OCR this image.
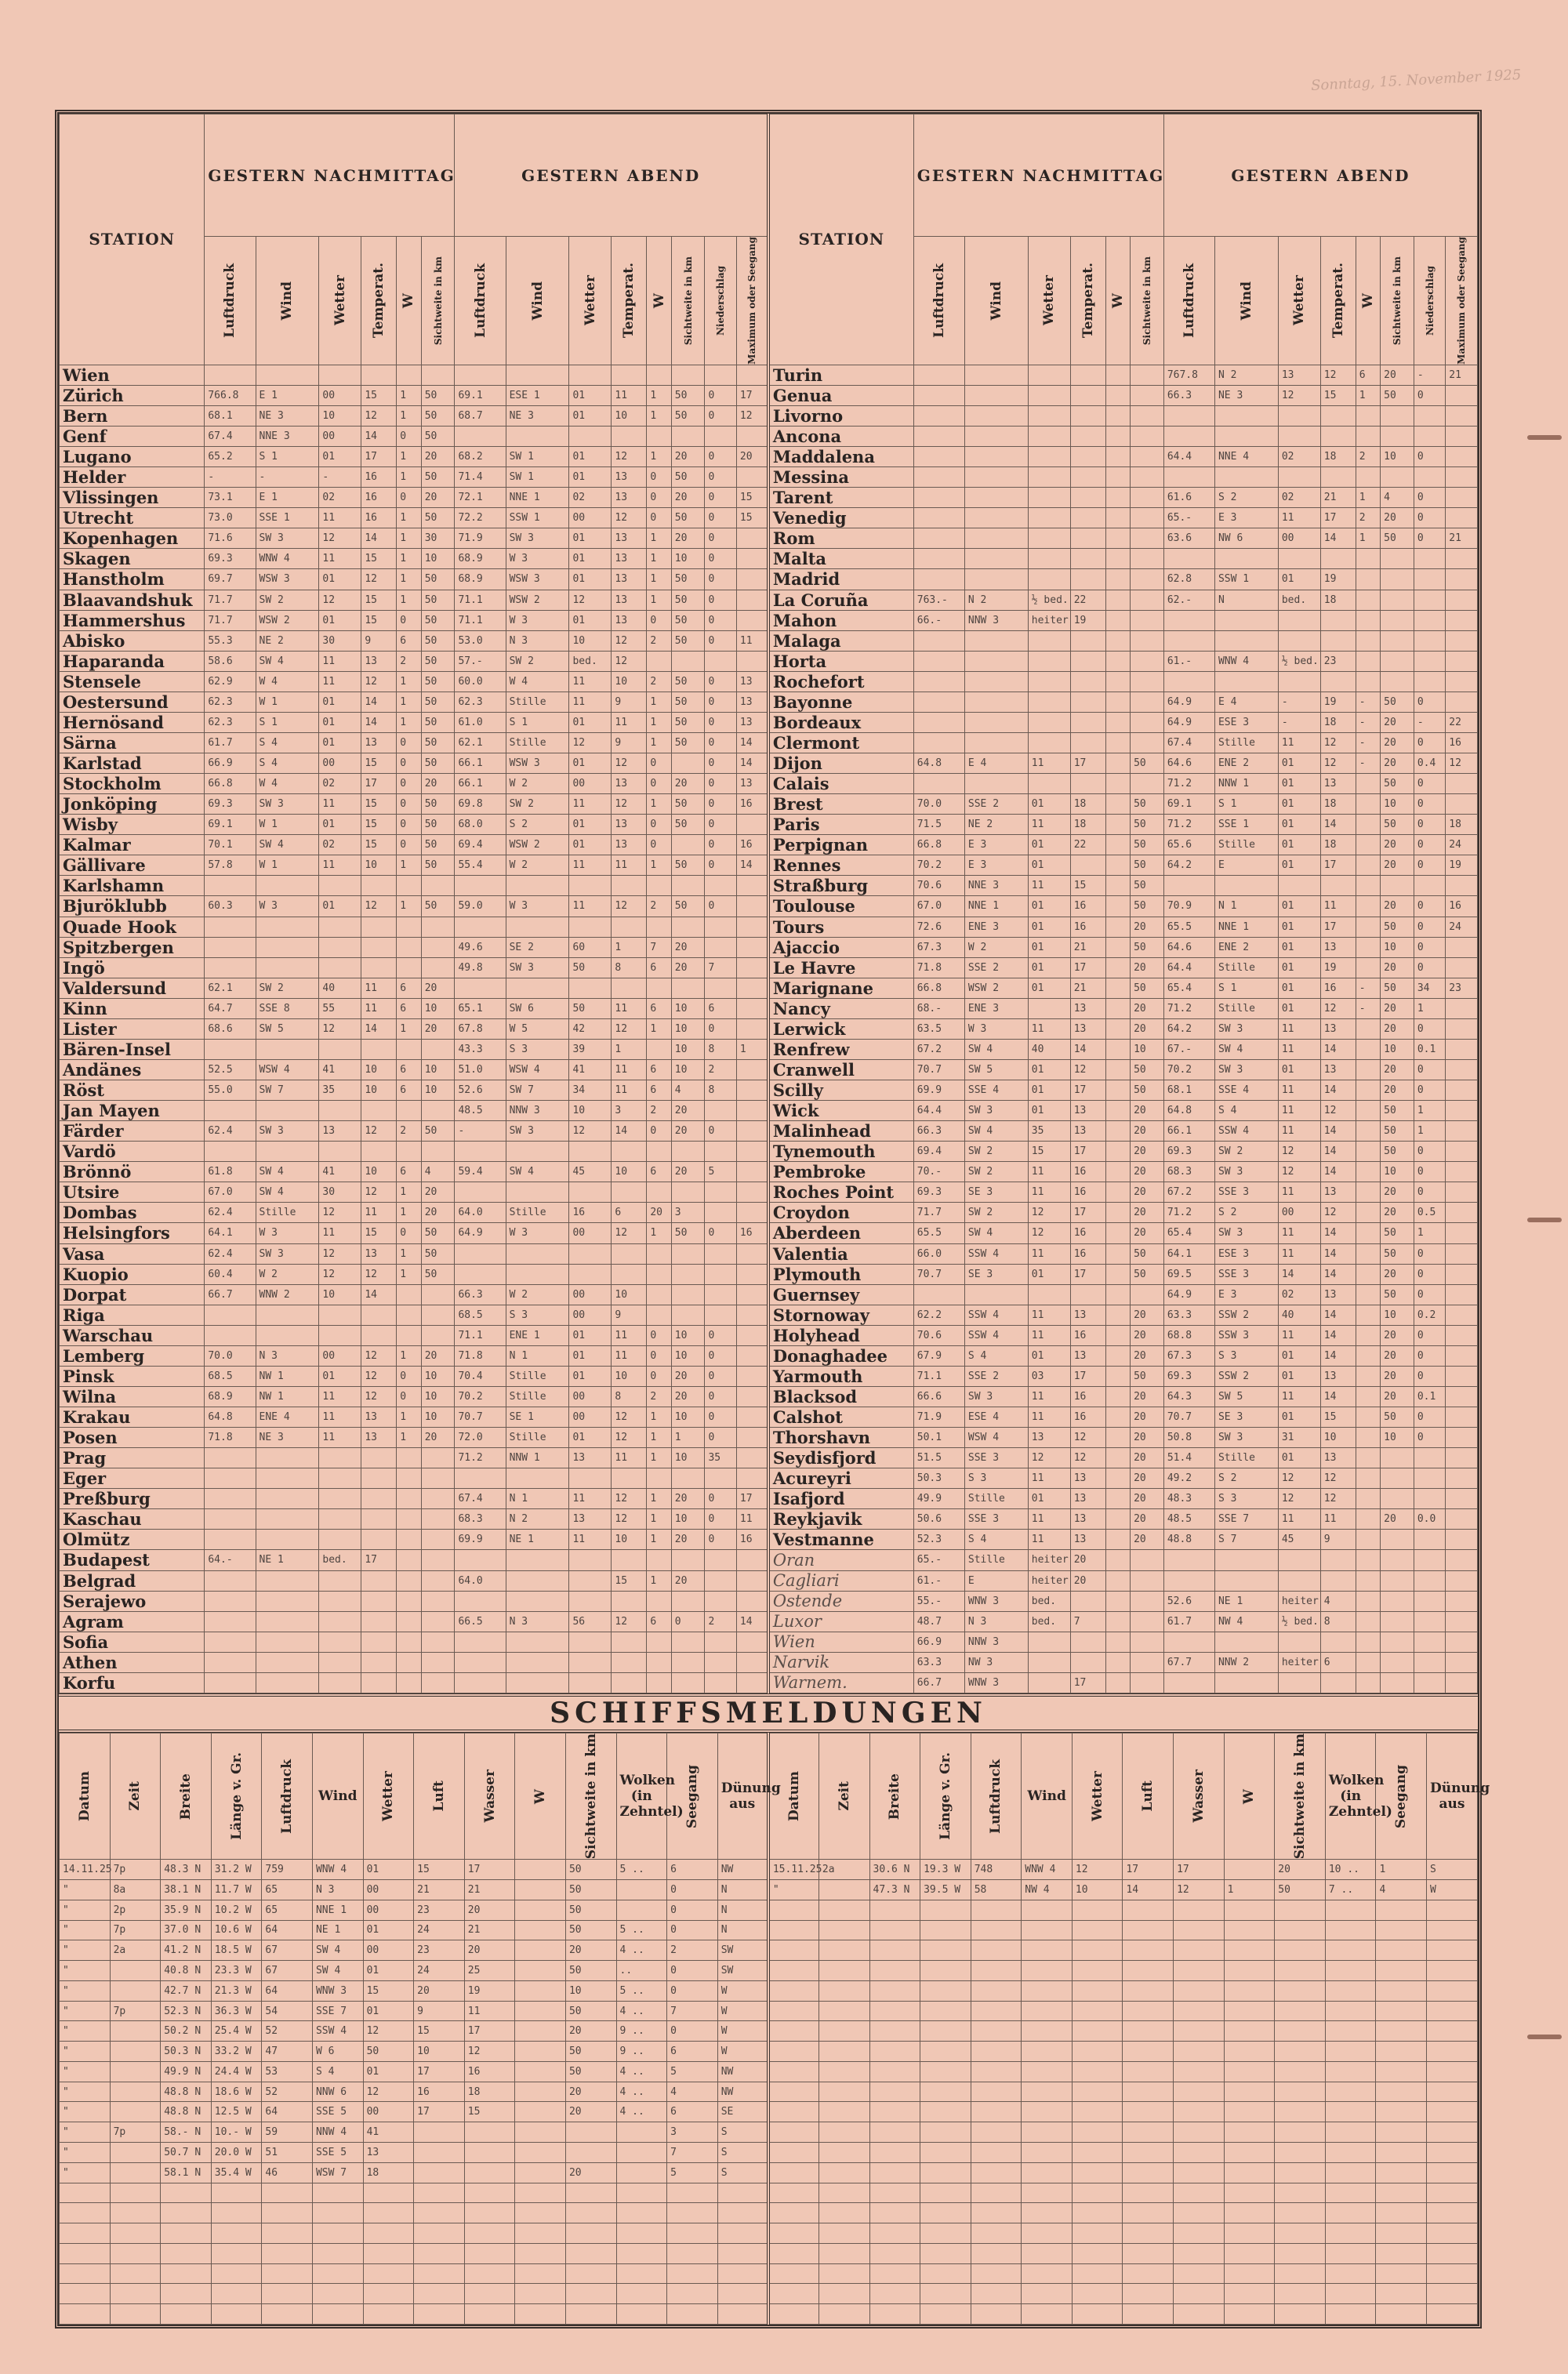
Sonntag, 15. November 1925
STATION	GESTERN NACHMITTAG						GESTERN ABEND								STATION	GESTERN NACHMITTAG						GESTERN ABEND							

	Luftdruck	Wind	Wetter	Temperat.	W	Sichtweite in km	Luftdruck	Wind	Wetter	Temperat.	W	Sichtweite in km	Niederschlag	Maximum oder Seegang		Luftdruck	Wind	Wetter	Temperat.	W	Sichtweite in km	Luftdruck	Wind	Wetter	Temperat.	W	Sichtweite in km	Niederschlag	Maximum oder Seegang

Wien															Turin							767.8	N 2	13	12	6	20	-	21
Zürich	766.8	E 1	00	15	1	50	69.1	ESE 1	01	11	1	50	0	17	Genua							66.3	NE 3	12	15	1	50	0	
Bern	68.1	NE 3	10	12	1	50	68.7	NE 3	01	10	1	50	0	12	Livorno														
Genf	67.4	NNE 3	00	14	0	50									Ancona														
Lugano	65.2	S 1	01	17	1	20	68.2	SW 1	01	12	1	20	0	20	Maddalena							64.4	NNE 4	02	18	2	10	0	
Helder	-	-	-	16	1	50	71.4	SW 1	01	13	0	50	0		Messina														
Vlissingen	73.1	E 1	02	16	0	20	72.1	NNE 1	02	13	0	20	0	15	Tarent							61.6	S 2	02	21	1	4	0	
Utrecht	73.0	SSE 1	11	16	1	50	72.2	SSW 1	00	12	0	50	0	15	Venedig							65.-	E 3	11	17	2	20	0	
Kopenhagen	71.6	SW 3	12	14	1	30	71.9	SW 3	01	13	1	20	0		Rom							63.6	NW 6	00	14	1	50	0	21
Skagen	69.3	WNW 4	11	15	1	10	68.9	W 3	01	13	1	10	0		Malta														
Hanstholm	69.7	WSW 3	01	12	1	50	68.9	WSW 3	01	13	1	50	0		Madrid							62.8	SSW 1	01	19				
Blaavandshuk	71.7	SW 2	12	15	1	50	71.1	WSW 2	12	13	1	50	0		La Coruña	763.-	N 2	½ bed.	22			62.-	N	bed.	18				
Hammershus	71.7	WSW 2	01	15	0	50	71.1	W 3	01	13	0	50	0		Mahon	66.-	NNW 3	heiter	19										
Abisko	55.3	NE 2	30	9	6	50	53.0	N 3	10	12	2	50	0	11	Malaga														
Haparanda	58.6	SW 4	11	13	2	50	57.-	SW 2	bed.	12					Horta							61.-	WNW 4	½ bed.	23				
Stensele	62.9	W 4	11	12	1	50	60.0	W 4	11	10	2	50	0	13	Rochefort														
Oestersund	62.3	W 1	01	14	1	50	62.3	Stille	11	9	1	50	0	13	Bayonne							64.9	E 4	-	19	-	50	0	
Hernösand	62.3	S 1	01	14	1	50	61.0	S 1	01	11	1	50	0	13	Bordeaux							64.9	ESE 3	-	18	-	20	-	22
Särna	61.7	S 4	01	13	0	50	62.1	Stille	12	9	1	50	0	14	Clermont							67.4	Stille	11	12	-	20	0	16
Karlstad	66.9	S 4	00	15	0	50	66.1	WSW 3	01	12	0		0	14	Dijon	64.8	E 4	11	17		50	64.6	ENE 2	01	12	-	20	0.4	12
Stockholm	66.8	W 4	02	17	0	20	66.1	W 2	00	13	0	20	0	13	Calais							71.2	NNW 1	01	13		50	0	
Jonköping	69.3	SW 3	11	15	0	50	69.8	SW 2	11	12	1	50	0	16	Brest	70.0	SSE 2	01	18		50	69.1	S 1	01	18		10	0	
Wisby	69.1	W 1	01	15	0	50	68.0	S 2	01	13	0	50	0		Paris	71.5	NE 2	11	18		50	71.2	SSE 1	01	14		50	0	18
Kalmar	70.1	SW 4	02	15	0	50	69.4	WSW 2	01	13	0		0	16	Perpignan	66.8	E 3	01	22		50	65.6	Stille	01	18		20	0	24
Gällivare	57.8	W 1	11	10	1	50	55.4	W 2	11	11	1	50	0	14	Rennes	70.2	E 3	01			50	64.2	E	01	17		20	0	19
Karlshamn															Straßburg	70.6	NNE 3	11	15		50								
Bjuröklubb	60.3	W 3	01	12	1	50	59.0	W 3	11	12	2	50	0		Toulouse	67.0	NNE 1	01	16		50	70.9	N 1	01	11		20	0	16
Quade Hook															Tours	72.6	ENE 3	01	16		20	65.5	NNE 1	01	17		50	0	24
Spitzbergen							49.6	SE 2	60	1	7	20			Ajaccio	67.3	W 2	01	21		50	64.6	ENE 2	01	13		10	0	
Ingö							49.8	SW 3	50	8	6	20	7		Le Havre	71.8	SSE 2	01	17		20	64.4	Stille	01	19		20	0	
Valdersund	62.1	SW 2	40	11	6	20									Marignane	66.8	WSW 2	01	21		50	65.4	S 1	01	16	-	50	34	23
Kinn	64.7	SSE 8	55	11	6	10	65.1	SW 6	50	11	6	10	6		Nancy	68.-	ENE 3		13		20	71.2	Stille	01	12	-	20	1	
Lister	68.6	SW 5	12	14	1	20	67.8	W 5	42	12	1	10	0		Lerwick	63.5	W 3	11	13		20	64.2	SW 3	11	13		20	0	
Bären-Insel							43.3	S 3	39	1		10	8	1	Renfrew	67.2	SW 4	40	14		10	67.-	SW 4	11	14		10	0.1	
Andänes	52.5	WSW 4	41	10	6	10	51.0	WSW 4	41	11	6	10	2		Cranwell	70.7	SW 5	01	12		50	70.2	SW 3	01	13		20	0	
Röst	55.0	SW 7	35	10	6	10	52.6	SW 7	34	11	6	4	8		Scilly	69.9	SSE 4	01	17		50	68.1	SSE 4	11	14		20	0	
Jan Mayen							48.5	NNW 3	10	3	2	20			Wick	64.4	SW 3	01	13		20	64.8	S 4	11	12		50	1	
Färder	62.4	SW 3	13	12	2	50	-	SW 3	12	14	0	20	0		Malinhead	66.3	SW 4	35	13		20	66.1	SSW 4	11	14		50	1	
Vardö															Tynemouth	69.4	SW 2	15	17		20	69.3	SW 2	12	14		50	0	
Brönnö	61.8	SW 4	41	10	6	4	59.4	SW 4	45	10	6	20	5		Pembroke	70.-	SW 2	11	16		20	68.3	SW 3	12	14		10	0	
Utsire	67.0	SW 4	30	12	1	20									Roches Point	69.3	SE 3	11	16		20	67.2	SSE 3	11	13		20	0	
Dombas	62.4	Stille	12	11	1	20	64.0	Stille	16	6	20	3			Croydon	71.7	SW 2	12	17		20	71.2	S 2	00	12		20	0.5	
Helsingfors	64.1	W 3	11	15	0	50	64.9	W 3	00	12	1	50	0	16	Aberdeen	65.5	SW 4	12	16		20	65.4	SW 3	11	14		50	1	
Vasa	62.4	SW 3	12	13	1	50									Valentia	66.0	SSW 4	11	16		50	64.1	ESE 3	11	14		50	0	
Kuopio	60.4	W 2	12	12	1	50									Plymouth	70.7	SE 3	01	17		50	69.5	SSE 3	14	14		20	0	
Dorpat	66.7	WNW 2	10	14			66.3	W 2	00	10					Guernsey							64.9	E 3	02	13		50	0	
Riga							68.5	S 3	00	9					Stornoway	62.2	SSW 4	11	13		20	63.3	SSW 2	40	14		10	0.2	
Warschau							71.1	ENE 1	01	11	0	10	0		Holyhead	70.6	SSW 4	11	16		20	68.8	SSW 3	11	14		20	0	
Lemberg	70.0	N 3	00	12	1	20	71.8	N 1	01	11	0	10	0		Donaghadee	67.9	S 4	01	13		20	67.3	S 3	01	14		20	0	
Pinsk	68.5	NW 1	01	12	0	10	70.4	Stille	01	10	0	20	0		Yarmouth	71.1	SSE 2	03	17		50	69.3	SSW 2	01	13		20	0	
Wilna	68.9	NW 1	11	12	0	10	70.2	Stille	00	8	2	20	0		Blacksod	66.6	SW 3	11	16		20	64.3	SW 5	11	14		20	0.1	
Krakau	64.8	ENE 4	11	13	1	10	70.7	SE 1	00	12	1	10	0		Calshot	71.9	ESE 4	11	16		20	70.7	SE 3	01	15		50	0	
Posen	71.8	NE 3	11	13	1	20	72.0	Stille	01	12	1	1	0		Thorshavn	50.1	WSW 4	13	12		20	50.8	SW 3	31	10		10	0	
Prag							71.2	NNW 1	13	11	1	10	35		Seydisfjord	51.5	SSE 3	12	12		20	51.4	Stille	01	13				
Eger															Acureyri	50.3	S 3	11	13		20	49.2	S 2	12	12				
Preßburg							67.4	N 1	11	12	1	20	0	17	Isafjord	49.9	Stille	01	13		20	48.3	S 3	12	12				
Kaschau							68.3	N 2	13	12	1	10	0	11	Reykjavik	50.6	SSE 3	11	13		20	48.5	SSE 7	11	11		20	0.0	
Olmütz							69.9	NE 1	11	10	1	20	0	16	Vestmanne	52.3	S 4	11	13		20	48.8	S 7	45	9				
Budapest	64.-	NE 1	bed.	17											Oran	65.-	Stille	heiter	20										
Belgrad							64.0			15	1	20			Cagliari	61.-	E	heiter	20										
Serajewo															Ostende	55.-	WNW 3	bed.				52.6	NE 1	heiter	4				
Agram							66.5	N 3	56	12	6	0	2	14	Luxor	48.7	N 3	bed.	7			61.7	NW 4	½ bed.	8				
Sofia															Wien	66.9	NNW 3												
Athen															Narvik	63.3	NW 3					67.7	NNW 2	heiter	6				
Korfu															Warnem.	66.7	WNW 3		17										
SCHIFFSMELDUNGEN
Datum	Zeit	Breite	Länge v. Gr.	Luftdruck	Wind	Wetter	Luft	Wasser	W	Sichtweite in km	Wolken (in Zehntel)	Seegang	Dünung aus	Datum	Zeit	Breite	Länge v. Gr.	Luftdruck	Wind	Wetter	Luft	Wasser	W	Sichtweite in km	Wolken (in Zehntel)	Seegang	Dünung aus

14.11.25	7p	48.3 N	31.2 W	759	WNW 4	01	15	17		50	5 ..	6	NW	15.11.25	2a	30.6 N	19.3 W	748	WNW 4	12	17	17		20	10 ..	1	S
"	8a	38.1 N	11.7 W	65	N 3	00	21	21		50		0	N	"		47.3 N	39.5 W	58	NW 4	10	14	12	1	50	7 ..	4	W
"	2p	35.9 N	10.2 W	65	NNE 1	00	23	20		50		0	N														
"	7p	37.0 N	10.6 W	64	NE 1	01	24	21		50	5 ..	0	N														
"	2a	41.2 N	18.5 W	67	SW 4	00	23	20		20	4 ..	2	SW														
"		40.8 N	23.3 W	67	SW 4	01	24	25		50	..	0	SW														
"		42.7 N	21.3 W	64	WNW 3	15	20	19		10	5 ..	0	W														
"	7p	52.3 N	36.3 W	54	SSE 7	01	9	11		50	4 ..	7	W														
"		50.2 N	25.4 W	52	SSW 4	12	15	17		20	9 ..	0	W														
"		50.3 N	33.2 W	47	W 6	50	10	12		50	9 ..	6	W														
"		49.9 N	24.4 W	53	S 4	01	17	16		50	4 ..	5	NW														
"		48.8 N	18.6 W	52	NNW 6	12	16	18		20	4 ..	4	NW														
"		48.8 N	12.5 W	64	SSE 5	00	17	15		20	4 ..	6	SE														
"	7p	58.- N	10.- W	59	NNW 4	41						3	S														
"		50.7 N	20.0 W	51	SSE 5	13						7	S														
"		58.1 N	35.4 W	46	WSW 7	18				20		5	S														
